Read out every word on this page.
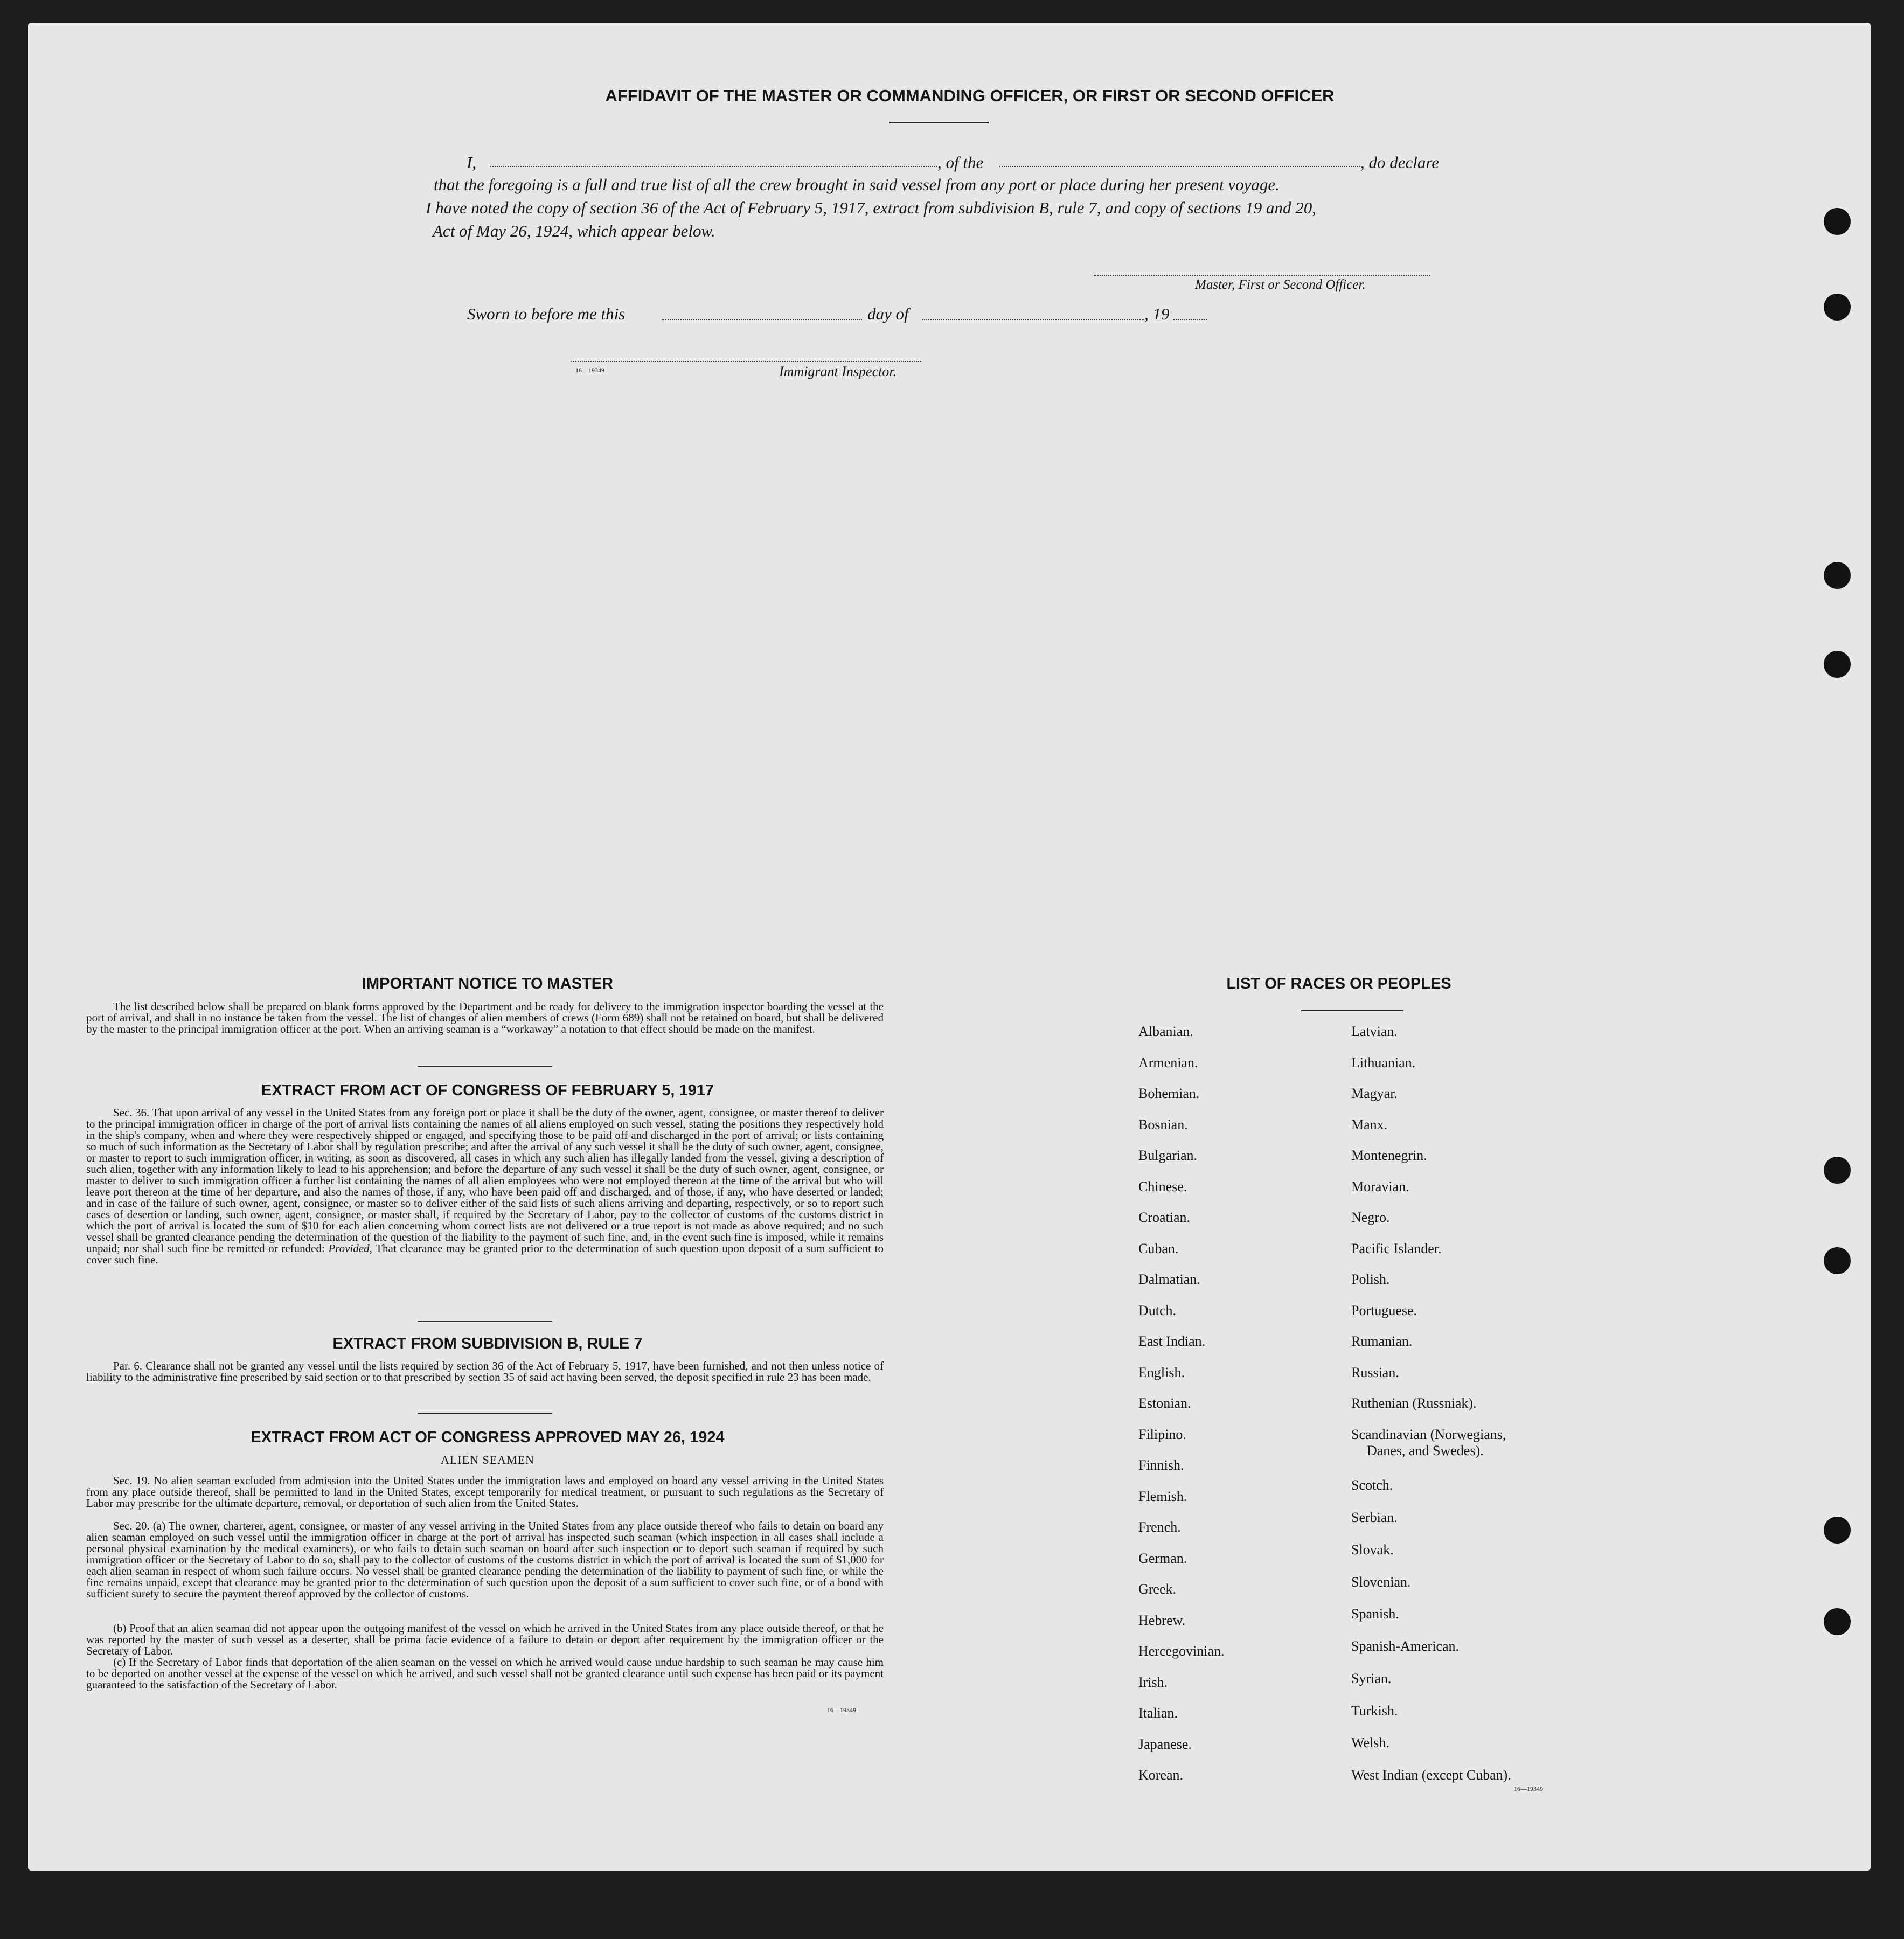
AFFIDAVIT OF THE MASTER OR COMMANDING OFFICER, OR FIRST OR SECOND OFFICER
I,	, of the	, do declare
that the foregoing is a full and true list of all the crew brought in said vessel from any port or place during her present voyage.
I have noted the copy of section 36 of the Act of February 5, 1917, extract from subdivision B, rule 7, and copy of sections 19 and 20,
Act of May 26, 1924, which appear below.
Master, First or Second Officer.
Sworn to before me this	day of	, 19
16—19349	Immigrant Inspector.
IMPORTANT NOTICE TO MASTER
The list described below shall be prepared on blank forms approved by the Department and be ready for delivery to the immigration inspector boarding the vessel at the port of arrival, and shall in no instance be taken from the vessel. The list of changes of alien members of crews (Form 689) shall not be retained on board, but shall be delivered by the master to the principal immigration officer at the port. When an arriving seaman is a “workaway” a notation to that effect should be made on the manifest.
EXTRACT FROM ACT OF CONGRESS OF FEBRUARY 5, 1917
Sec. 36. That upon arrival of any vessel in the United States from any foreign port or place it shall be the duty of the owner, agent, consignee, or master thereof to deliver to the principal immigration officer in charge of the port of arrival lists containing the names of all aliens employed on such vessel, stating the positions they respectively hold in the ship's company, when and where they were respectively shipped or engaged, and specifying those to be paid off and discharged in the port of arrival; or lists containing so much of such information as the Secretary of Labor shall by regulation prescribe; and after the arrival of any such vessel it shall be the duty of such owner, agent, consignee, or master to report to such immigration officer, in writing, as soon as discovered, all cases in which any such alien has illegally landed from the vessel, giving a description of such alien, together with any information likely to lead to his apprehension; and before the departure of any such vessel it shall be the duty of such owner, agent, consignee, or master to deliver to such immigration officer a further list containing the names of all alien employees who were not employed thereon at the time of the arrival but who will leave port thereon at the time of her departure, and also the names of those, if any, who have been paid off and discharged, and of those, if any, who have deserted or landed; and in case of the failure of such owner, agent, consignee, or master so to deliver either of the said lists of such aliens arriving and departing, respectively, or so to report such cases of desertion or landing, such owner, agent, consignee, or master shall, if required by the Secretary of Labor, pay to the collector of customs of the customs district in which the port of arrival is located the sum of $10 for each alien concerning whom correct lists are not delivered or a true report is not made as above required; and no such vessel shall be granted clearance pending the determination of the question of the liability to the payment of such fine, and, in the event such fine is imposed, while it remains unpaid; nor shall such fine be remitted or refunded: Provided, That clearance may be granted prior to the determination of such question upon deposit of a sum sufficient to cover such fine.
EXTRACT FROM SUBDIVISION B, RULE 7
Par. 6. Clearance shall not be granted any vessel until the lists required by section 36 of the Act of February 5, 1917, have been furnished, and not then unless notice of liability to the administrative fine prescribed by said section or to that prescribed by section 35 of said act having been served, the deposit specified in rule 23 has been made.
EXTRACT FROM ACT OF CONGRESS APPROVED MAY 26, 1924
ALIEN SEAMEN
Sec. 19. No alien seaman excluded from admission into the United States under the immigration laws and employed on board any vessel arriving in the United States from any place outside thereof, shall be permitted to land in the United States, except temporarily for medical treatment, or pursuant to such regulations as the Secretary of Labor may prescribe for the ultimate departure, removal, or deportation of such alien from the United States.
Sec. 20. (a) The owner, charterer, agent, consignee, or master of any vessel arriving in the United States from any place outside thereof who fails to detain on board any alien seaman employed on such vessel until the immigration officer in charge at the port of arrival has inspected such seaman (which inspection in all cases shall include a personal physical examination by the medical examiners), or who fails to detain such seaman on board after such inspection or to deport such seaman if required by such immigration officer or the Secretary of Labor to do so, shall pay to the collector of customs of the customs district in which the port of arrival is located the sum of $1,000 for each alien seaman in respect of whom such failure occurs. No vessel shall be granted clearance pending the determination of the liability to payment of such fine, or while the fine remains unpaid, except that clearance may be granted prior to the determination of such question upon the deposit of a sum sufficient to cover such fine, or of a bond with sufficient surety to secure the payment thereof approved by the collector of customs.
(b) Proof that an alien seaman did not appear upon the outgoing manifest of the vessel on which he arrived in the United States from any place outside thereof, or that he was reported by the master of such vessel as a deserter, shall be prima facie evidence of a failure to detain or deport after requirement by the immigration officer or the Secretary of Labor.
(c) If the Secretary of Labor finds that deportation of the alien seaman on the vessel on which he arrived would cause undue hardship to such seaman he may cause him to be deported on another vessel at the expense of the vessel on which he arrived, and such vessel shall not be granted clearance until such expense has been paid or its payment guaranteed to the satisfaction of the Secretary of Labor.
16—19349
LIST OF RACES OR PEOPLES
Albanian.
Armenian.
Bohemian.
Bosnian.
Bulgarian.
Chinese.
Croatian.
Cuban.
Dalmatian.
Dutch.
East Indian.
English.
Estonian.
Filipino.
Finnish.
Flemish.
French.
German.
Greek.
Hebrew.
Hercegovinian.
Irish.
Italian.
Japanese.
Korean.
Latvian.
Lithuanian.
Magyar.
Manx.
Montenegrin.
Moravian.
Negro.
Pacific Islander.
Polish.
Portuguese.
Rumanian.
Russian.
Ruthenian (Russniak).
Scandinavian (Norwegians,
Danes, and Swedes).
Scotch.
Serbian.
Slovak.
Slovenian.
Spanish.
Spanish-American.
Syrian.
Turkish.
Welsh.
West Indian (except Cuban).
16—19349
